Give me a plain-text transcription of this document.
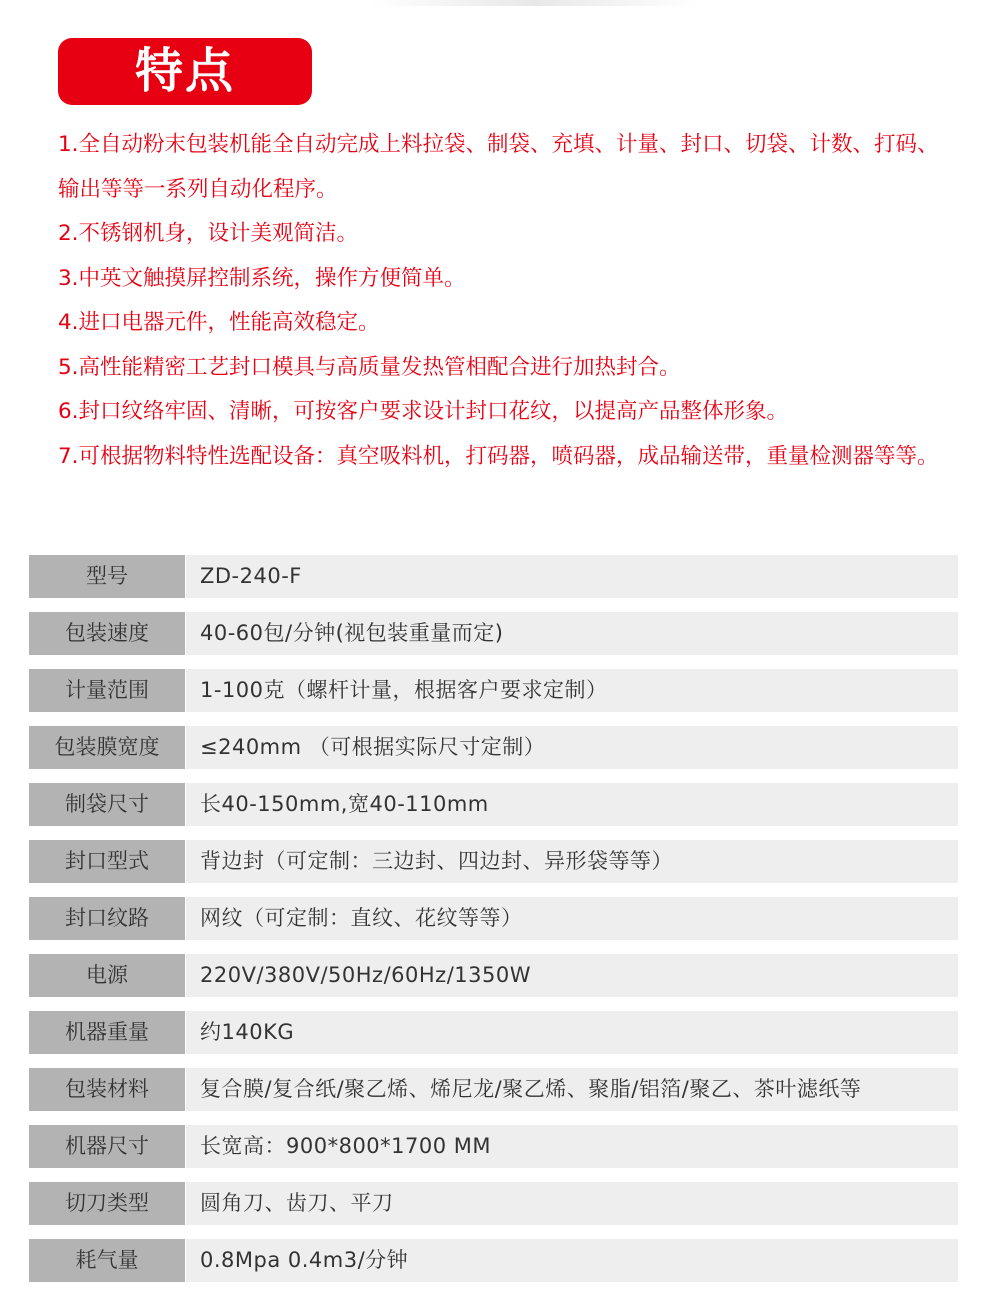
特点
1.全自动粉末包装机能全自动完成上料拉袋、制袋、充填、计量、封口、切袋、计数、打码、输出等等一系列自动化程序。
2.不锈钢机身，设计美观简洁。
3.中英文触摸屏控制系统，操作方便简单。
4.进口电器元件，性能高效稳定。
5.高性能精密工艺封口模具与高质量发热管相配合进行加热封合。
6.封口纹络牢固、清晰，可按客户要求设计封口花纹，以提高产品整体形象。
7.可根据物料特性选配设备：真空吸料机，打码器，喷码器，成品输送带，重量检测器等等。
型号	ZD-240-F
包装速度	40-60包/分钟(视包装重量而定)
计量范围	1-100克（螺杆计量，根据客户要求定制）
包装膜宽度	≤240mm （可根据实际尺寸定制）
制袋尺寸	长40-150mm,宽40-110mm
封口型式	背边封（可定制：三边封、四边封、异形袋等等）
封口纹路	网纹（可定制：直纹、花纹等等）
电源	220V/380V/50Hz/60Hz/1350W
机器重量	约140KG
包装材料	复合膜/复合纸/聚乙烯、烯尼龙/聚乙烯、聚脂/铝箔/聚乙、茶叶滤纸等
机器尺寸	长宽高：900*800*1700 MM
切刀类型	圆角刀、齿刀、平刀
耗气量	0.8Mpa 0.4m3/分钟
